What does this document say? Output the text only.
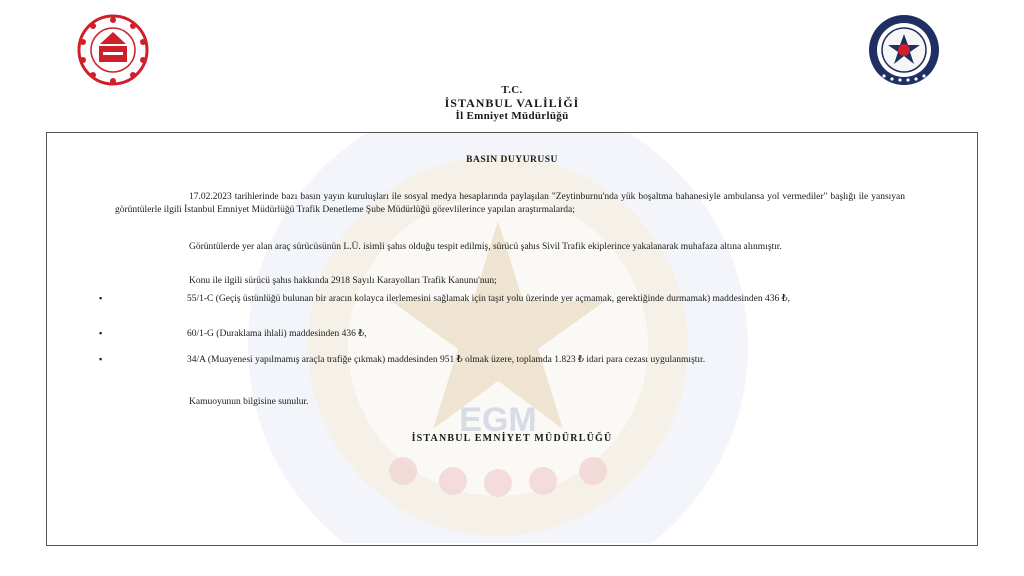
T.C.
İSTANBUL VALİLİĞİ
İl Emniyet Müdürlüğü
EGM
BASIN DUYURUSU
17.02.2023 tarihlerinde bazı basın yayın kuruluşları ile sosyal medya hesaplarında paylaşılan "Zeytinburnu'nda yük boşaltma bahanesiyle ambulansa yol vermediler" başlığı ile yansıyan görüntülerle ilgili İstanbul Emniyet Müdürlüğü Trafik Denetleme Şube Müdürlüğü görevlilerince yapılan araştırmalarda;
Görüntülerde yer alan araç sürücüsünün L.Ü. isimli şahıs olduğu tespit edilmiş, sürücü şahıs Sivil Trafik ekiplerince yakalanarak muhafaza altına alınmıştır.
Konu ile ilgili sürücü şahıs hakkında 2918 Sayılı Karayolları Trafik Kanunu'nun;
▪	55/1-C (Geçiş üstünlüğü bulunan bir aracın kolayca ilerlemesini sağlamak için taşıt yolu üzerinde yer açmamak, gerektiğinde durmamak) maddesinden 436 ₺,
▪	60/1-G (Duraklama ihlali) maddesinden 436 ₺,
▪	34/A (Muayenesi yapılmamış araçla trafiğe çıkmak) maddesinden 951 ₺ olmak üzere, toplamda 1.823 ₺ idari para cezası uygulanmıştır.
Kamuoyunun bilgisine sunulur.
İSTANBUL EMNİYET MÜDÜRLÜĞÜ
